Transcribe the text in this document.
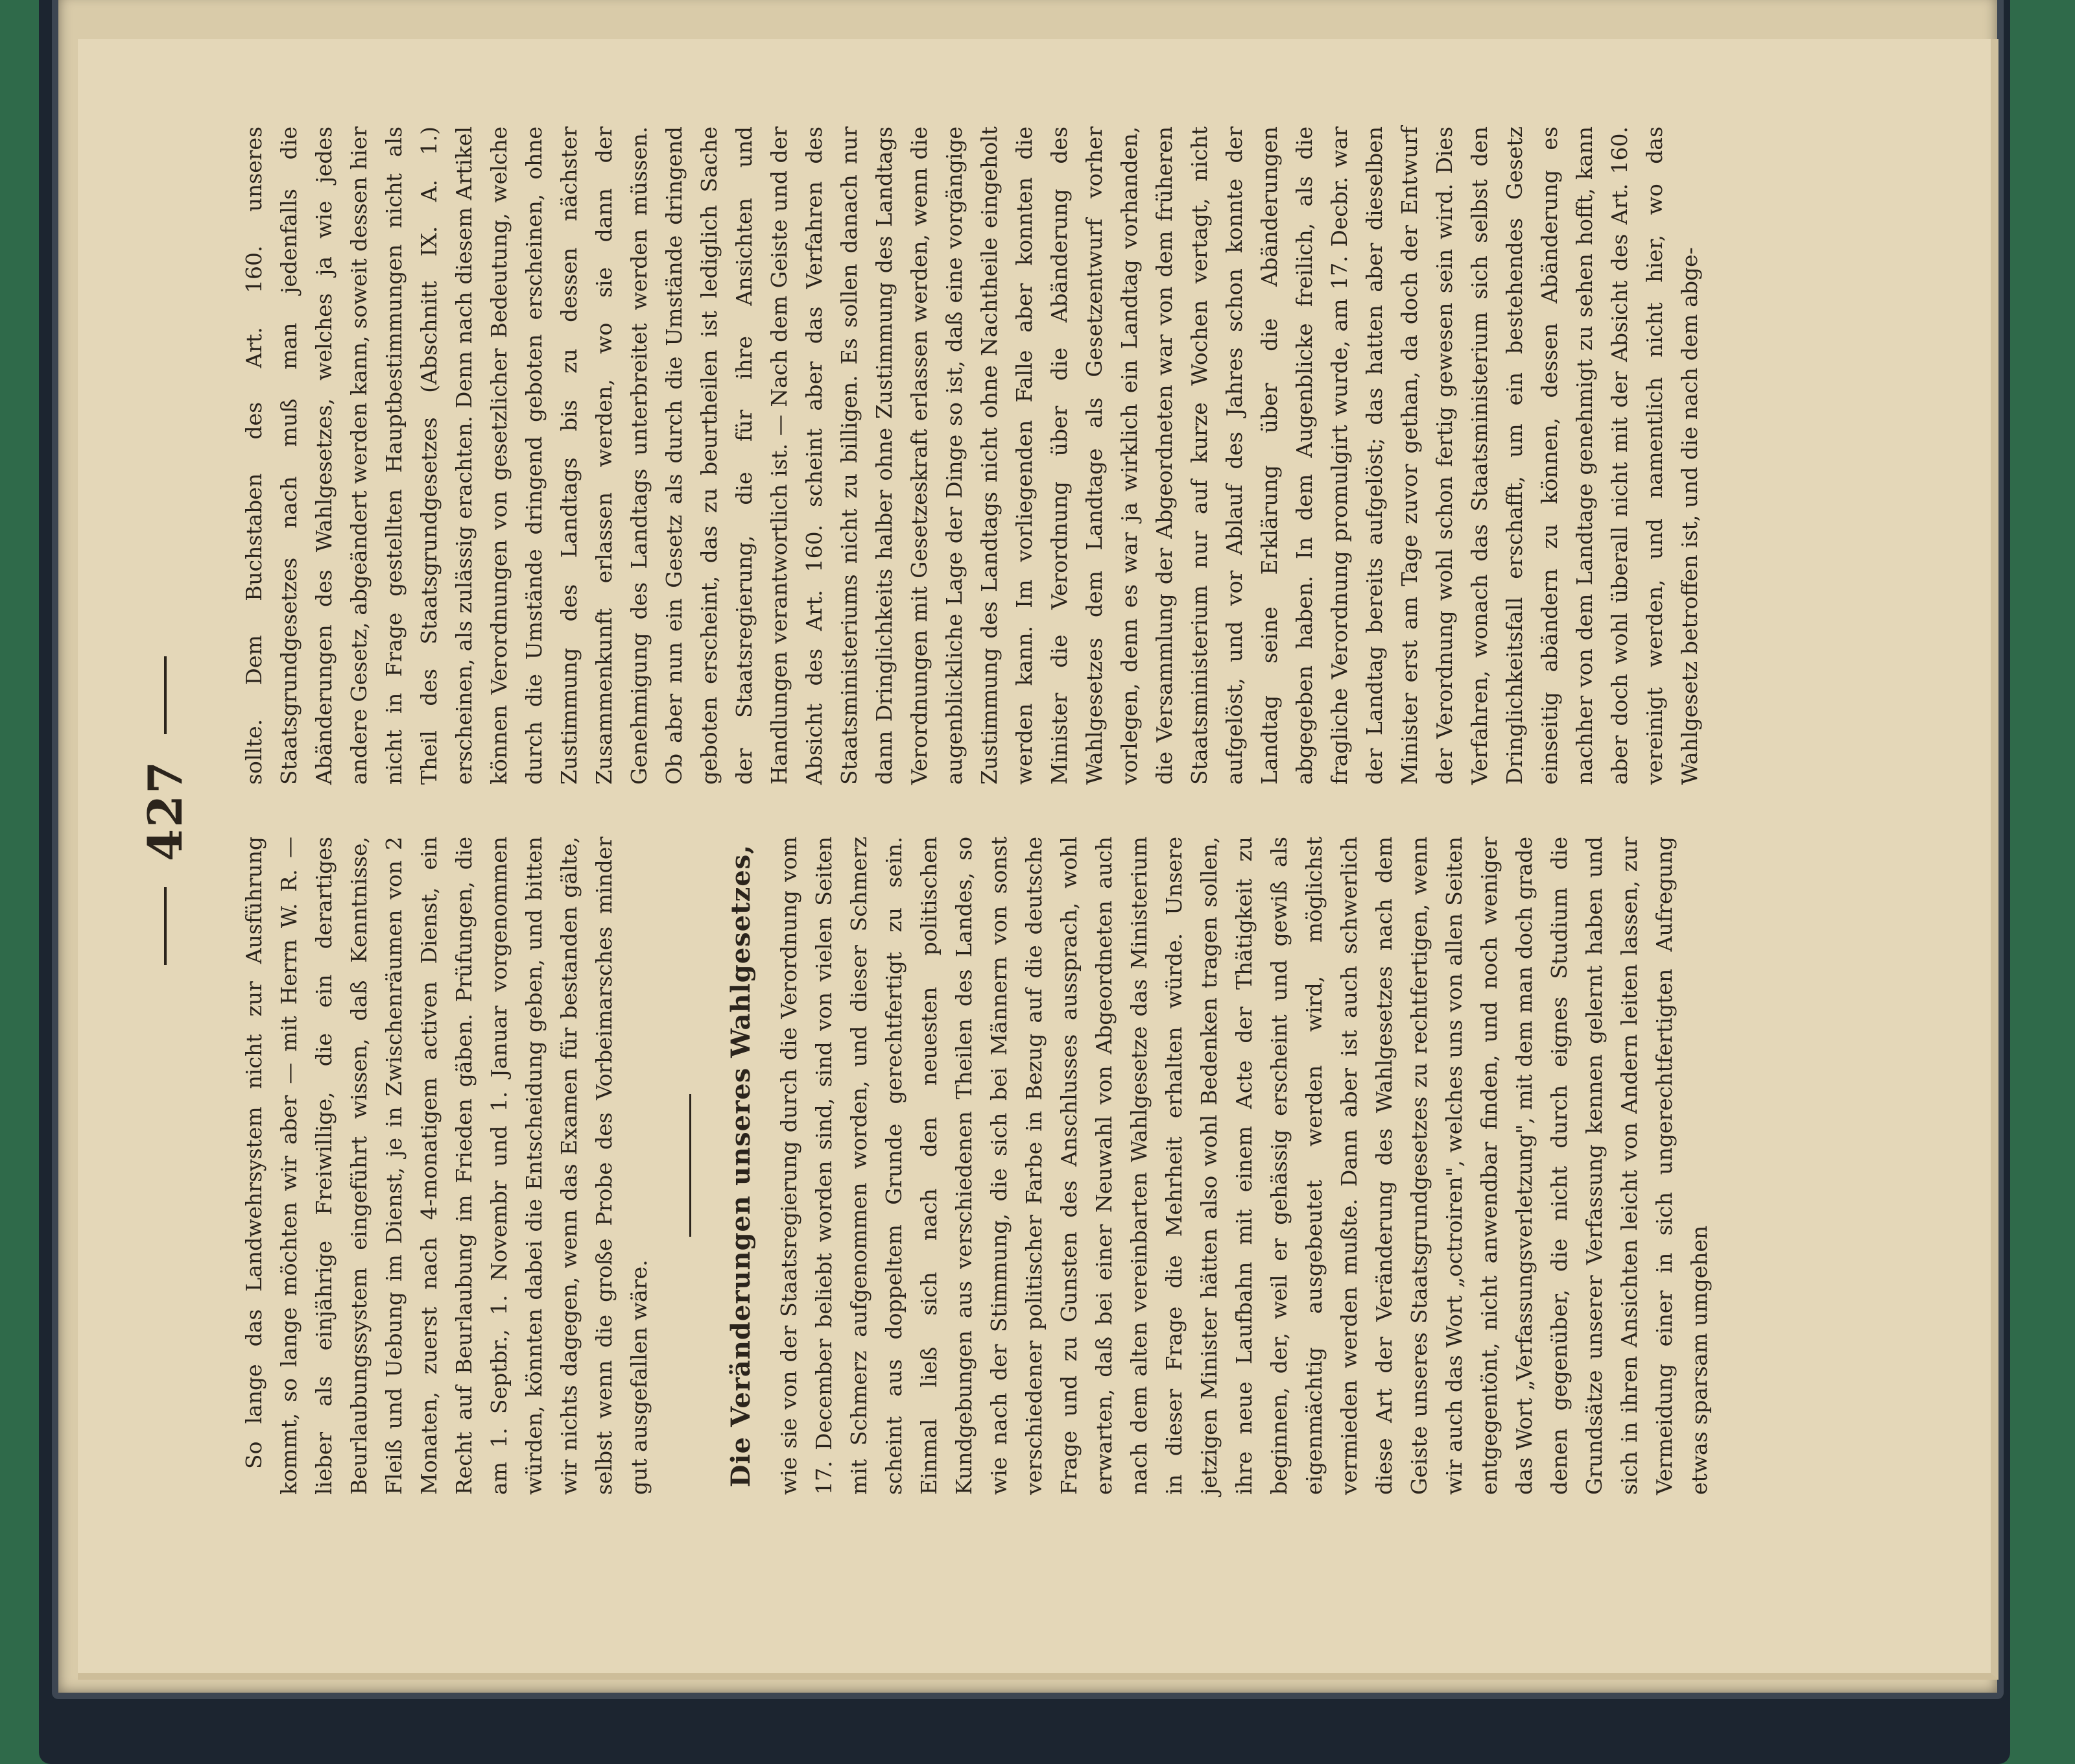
427

So lange das Landwehrsystem nicht zur Ausführung kommt, so lange möchten wir aber — mit Herrn W. R. — lieber als einjährige Freiwillige, die ein derartiges Beurlaubungssystem eingeführt wissen, daß Kenntnisse, Fleiß und Uebung im Dienst, je in Zwischenräumen von 2 Monaten, zuerst nach 4-monatigem activen Dienst, ein Recht auf Beurlaubung im Frieden gäben. Prüfungen, die am 1. Septbr., 1. Novembr und 1. Januar vorgenommen würden, könnten dabei die Entscheidung geben, und bitten wir nichts dagegen, wenn das Examen für bestanden gälte, selbst wenn die große Probe des Vorbeimarsches minder gut ausgefallen wäre.	Die Veränderungen unseres Wahlgesetzes, wie sie von der Staatsregierung durch die Verordnung vom 17. December beliebt worden sind, sind von vielen Seiten mit Schmerz aufgenommen worden, und dieser Schmerz scheint aus doppeltem Grunde gerechtfertigt zu sein. Einmal ließ sich nach den neuesten politischen Kundgebungen aus verschiedenen Theilen des Landes, so wie nach der Stimmung, die sich bei Männern von sonst verschiedener politischer Farbe in Bezug auf die deutsche Frage und zu Gunsten des Anschlusses aussprach, wohl erwarten, daß bei einer Neuwahl von Abgeordneten auch nach dem alten vereinbarten Wahlgesetze das Ministerium in dieser Frage die Mehrheit erhalten würde. Unsere jetzigen Minister hätten also wohl Bedenken tragen sollen, ihre neue Laufbahn mit einem Acte der Thätigkeit zu beginnen, der, weil er gehässig erscheint und gewiß als eigenmächtig ausgebeutet werden wird, möglichst vermieden werden mußte. Dann aber ist auch schwerlich diese Art der Veränderung des Wahlgesetzes nach dem Geiste unseres Staatsgrundgesetzes zu rechtfertigen, wenn wir auch das Wort „octroiren", welches uns von allen Seiten entgegentönt, nicht anwendbar finden, und noch weniger das Wort „Verfassungsverletzung", mit dem man doch grade denen gegenüber, die nicht durch eignes Studium die Grundsätze unserer Verfassung kennen gelernt haben und sich in ihren Ansichten leicht von Andern leiten lassen, zur Vermeidung einer in sich ungerechtfertigten Aufregung etwas sparsam umgehen

sollte. Dem Buchstaben des Art. 160. unseres Staatsgrundgesetzes nach muß man jedenfalls die Abänderungen des Wahlgesetzes, welches ja wie jedes andere Gesetz, abgeändert werden kann, soweit dessen hier nicht in Frage gestellten Hauptbestimmungen nicht als Theil des Staatsgrundgesetzes (Abschnitt IX. A. 1.) erscheinen, als zulässig erachten. Denn nach diesem Artikel können Verordnungen von gesetzlicher Bedeutung, welche durch die Umstände dringend geboten erscheinen, ohne Zustimmung des Landtags bis zu dessen nächster Zusammenkunft erlassen werden, wo sie dann der Genehmigung des Landtags unterbreitet werden müssen. Ob aber nun ein Gesetz als durch die Umstände dringend geboten erscheint, das zu beurtheilen ist lediglich Sache der Staatsregierung, die für ihre Ansichten und Handlungen verantwortlich ist. — Nach dem Geiste und der Absicht des Art. 160. scheint aber das Verfahren des Staatsministeriums nicht zu billigen. Es sollen danach nur dann Dringlichkeits halber ohne Zustimmung des Landtags Verordnungen mit Gesetzeskraft erlassen werden, wenn die augenblickliche Lage der Dinge so ist, daß eine vorgängige Zustimmung des Landtags nicht ohne Nachtheile eingeholt werden kann. Im vorliegenden Falle aber konnten die Minister die Verordnung über die Abänderung des Wahlgesetzes dem Landtage als Gesetzentwurf vorher vorlegen, denn es war ja wirklich ein Landtag vorhanden, die Versammlung der Abgeordneten war von dem früheren Staatsministerium nur auf kurze Wochen vertagt, nicht aufgelöst, und vor Ablauf des Jahres schon konnte der Landtag seine Erklärung über die Abänderungen abgegeben haben. In dem Augenblicke freilich, als die fragliche Verordnung promulgirt wurde, am 17. Decbr. war der Landtag bereits aufgelöst; das hatten aber dieselben Minister erst am Tage zuvor gethan, da doch der Entwurf der Verordnung wohl schon fertig gewesen sein wird. Dies Verfahren, wonach das Staatsministerium sich selbst den Dringlichkeitsfall erschafft, um ein bestehendes Gesetz einseitig abändern zu können, dessen Abänderung es nachher von dem Landtage genehmigt zu sehen hofft, kann aber doch wohl überall nicht mit der Absicht des Art. 160. vereinigt werden, und namentlich nicht hier, wo das Wahlgesetz betroffen ist, und die nach dem abge-
